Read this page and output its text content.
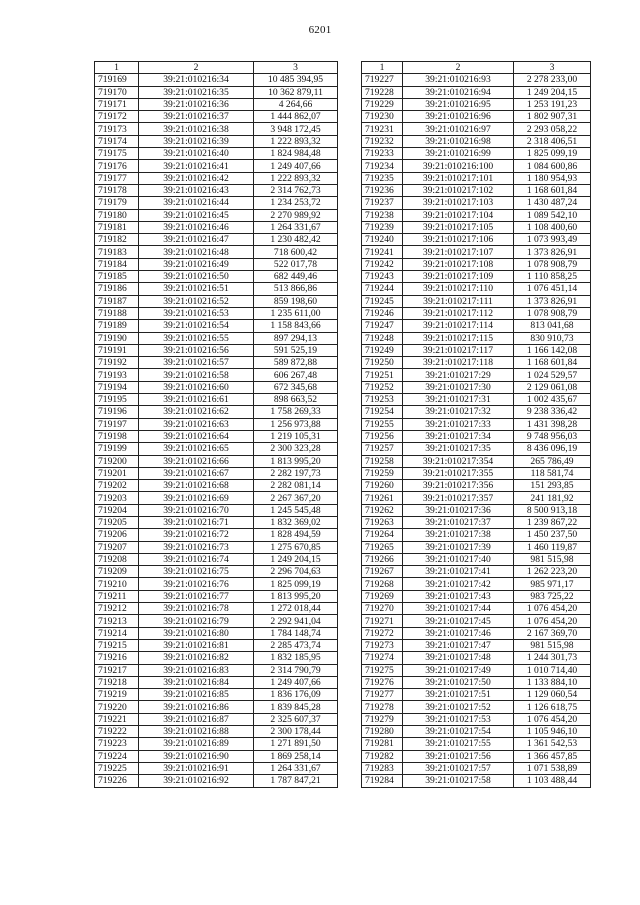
6201
1	2	3
719169	39:21:010216:34	10 485 394,95
719170	39:21:010216:35	10 362 879,11
719171	39:21:010216:36	4 264,66
719172	39:21:010216:37	1 444 862,07
719173	39:21:010216:38	3 948 172,45
719174	39:21:010216:39	1 222 893,32
719175	39:21:010216:40	1 824 984,48
719176	39:21:010216:41	1 249 407,66
719177	39:21:010216:42	1 222 893,32
719178	39:21:010216:43	2 314 762,73
719179	39:21:010216:44	1 234 253,72
719180	39:21:010216:45	2 270 989,92
719181	39:21:010216:46	1 264 331,67
719182	39:21:010216:47	1 230 482,42
719183	39:21:010216:48	718 600,42
719184	39:21:010216:49	522 017,78
719185	39:21:010216:50	682 449,46
719186	39:21:010216:51	513 866,86
719187	39:21:010216:52	859 198,60
719188	39:21:010216:53	1 235 611,00
719189	39:21:010216:54	1 158 843,66
719190	39:21:010216:55	897 294,13
719191	39:21:010216:56	591 525,19
719192	39:21:010216:57	589 872,88
719193	39:21:010216:58	606 267,48
719194	39:21:010216:60	672 345,68
719195	39:21:010216:61	898 663,52
719196	39:21:010216:62	1 758 269,33
719197	39:21:010216:63	1 256 973,88
719198	39:21:010216:64	1 219 105,31
719199	39:21:010216:65	2 300 323,28
719200	39:21:010216:66	1 813 995,20
719201	39:21:010216:67	2 282 197,73
719202	39:21:010216:68	2 282 081,14
719203	39:21:010216:69	2 267 367,20
719204	39:21:010216:70	1 245 545,48
719205	39:21:010216:71	1 832 369,02
719206	39:21:010216:72	1 828 494,59
719207	39:21:010216:73	1 275 670,85
719208	39:21:010216:74	1 249 204,15
719209	39:21:010216:75	2 296 704,63
719210	39:21:010216:76	1 825 099,19
719211	39:21:010216:77	1 813 995,20
719212	39:21:010216:78	1 272 018,44
719213	39:21:010216:79	2 292 941,04
719214	39:21:010216:80	1 784 148,74
719215	39:21:010216:81	2 285 473,74
719216	39:21:010216:82	1 832 185,95
719217	39:21:010216:83	2 314 790,79
719218	39:21:010216:84	1 249 407,66
719219	39:21:010216:85	1 836 176,09
719220	39:21:010216:86	1 839 845,28
719221	39:21:010216:87	2 325 607,37
719222	39:21:010216:88	2 300 178,44
719223	39:21:010216:89	1 271 891,50
719224	39:21:010216:90	1 869 258,14
719225	39:21:010216:91	1 264 331,67
719226	39:21:010216:92	1 787 847,21
1	2	3
719227	39:21:010216:93	2 278 233,00
719228	39:21:010216:94	1 249 204,15
719229	39:21:010216:95	1 253 191,23
719230	39:21:010216:96	1 802 907,31
719231	39:21:010216:97	2 293 058,22
719232	39:21:010216:98	2 318 406,51
719233	39:21:010216:99	1 825 099,19
719234	39:21:010216:100	1 084 600,86
719235	39:21:010217:101	1 180 954,93
719236	39:21:010217:102	1 168 601,84
719237	39:21:010217:103	1 430 487,24
719238	39:21:010217:104	1 089 542,10
719239	39:21:010217:105	1 108 400,60
719240	39:21:010217:106	1 073 993,49
719241	39:21:010217:107	1 373 826,91
719242	39:21:010217:108	1 078 908,79
719243	39:21:010217:109	1 110 858,25
719244	39:21:010217:110	1 076 451,14
719245	39:21:010217:111	1 373 826,91
719246	39:21:010217:112	1 078 908,79
719247	39:21:010217:114	813 041,68
719248	39:21:010217:115	830 910,73
719249	39:21:010217:117	1 166 142,08
719250	39:21:010217:118	1 168 601,84
719251	39:21:010217:29	1 024 529,57
719252	39:21:010217:30	2 129 061,08
719253	39:21:010217:31	1 002 435,67
719254	39:21:010217:32	9 238 336,42
719255	39:21:010217:33	1 431 398,28
719256	39:21:010217:34	9 748 956,03
719257	39:21:010217:35	8 436 096,19
719258	39:21:010217:354	265 786,49
719259	39:21:010217:355	118 581,74
719260	39:21:010217:356	151 293,85
719261	39:21:010217:357	241 181,92
719262	39:21:010217:36	8 500 913,18
719263	39:21:010217:37	1 239 867,22
719264	39:21:010217:38	1 450 237,50
719265	39:21:010217:39	1 460 119,87
719266	39:21:010217:40	981 515,98
719267	39:21:010217:41	1 262 223,20
719268	39:21:010217:42	985 971,17
719269	39:21:010217:43	983 725,22
719270	39:21:010217:44	1 076 454,20
719271	39:21:010217:45	1 076 454,20
719272	39:21:010217:46	2 167 369,70
719273	39:21:010217:47	981 515,98
719274	39:21:010217:48	1 244 301,73
719275	39:21:010217:49	1 010 714,40
719276	39:21:010217:50	1 133 884,10
719277	39:21:010217:51	1 129 060,54
719278	39:21:010217:52	1 126 618,75
719279	39:21:010217:53	1 076 454,20
719280	39:21:010217:54	1 105 946,10
719281	39:21:010217:55	1 361 542,53
719282	39:21:010217:56	1 366 457,85
719283	39:21:010217:57	1 071 538,89
719284	39:21:010217:58	1 103 488,44
